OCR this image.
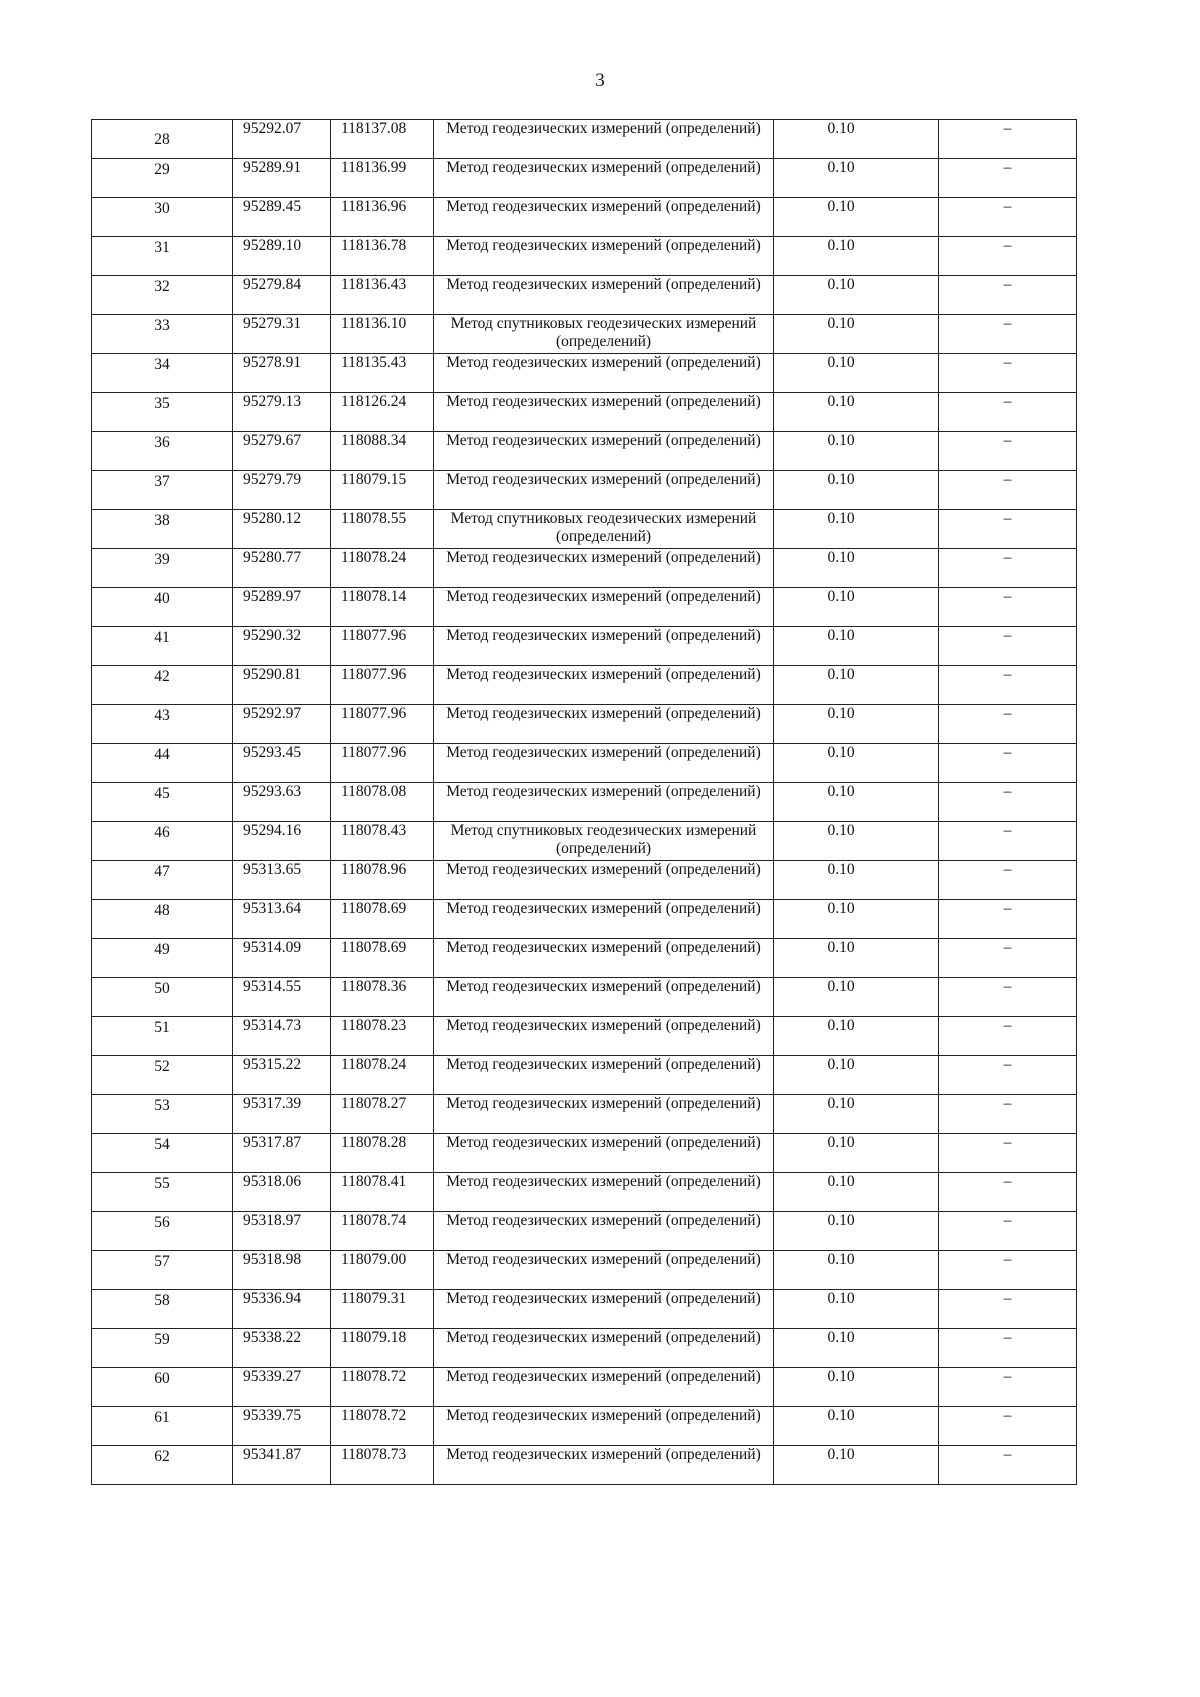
3
28	95292.07	118137.08	Метод геодезических измерений (определений)	0.10	–
29	95289.91	118136.99	Метод геодезических измерений (определений)	0.10	–
30	95289.45	118136.96	Метод геодезических измерений (определений)	0.10	–
31	95289.10	118136.78	Метод геодезических измерений (определений)	0.10	–
32	95279.84	118136.43	Метод геодезических измерений (определений)	0.10	–
33	95279.31	118136.10	Метод спутниковых геодезических измерений (определений)	0.10	–
34	95278.91	118135.43	Метод геодезических измерений (определений)	0.10	–
35	95279.13	118126.24	Метод геодезических измерений (определений)	0.10	–
36	95279.67	118088.34	Метод геодезических измерений (определений)	0.10	–
37	95279.79	118079.15	Метод геодезических измерений (определений)	0.10	–
38	95280.12	118078.55	Метод спутниковых геодезических измерений (определений)	0.10	–
39	95280.77	118078.24	Метод геодезических измерений (определений)	0.10	–
40	95289.97	118078.14	Метод геодезических измерений (определений)	0.10	–
41	95290.32	118077.96	Метод геодезических измерений (определений)	0.10	–
42	95290.81	118077.96	Метод геодезических измерений (определений)	0.10	–
43	95292.97	118077.96	Метод геодезических измерений (определений)	0.10	–
44	95293.45	118077.96	Метод геодезических измерений (определений)	0.10	–
45	95293.63	118078.08	Метод геодезических измерений (определений)	0.10	–
46	95294.16	118078.43	Метод спутниковых геодезических измерений (определений)	0.10	–
47	95313.65	118078.96	Метод геодезических измерений (определений)	0.10	–
48	95313.64	118078.69	Метод геодезических измерений (определений)	0.10	–
49	95314.09	118078.69	Метод геодезических измерений (определений)	0.10	–
50	95314.55	118078.36	Метод геодезических измерений (определений)	0.10	–
51	95314.73	118078.23	Метод геодезических измерений (определений)	0.10	–
52	95315.22	118078.24	Метод геодезических измерений (определений)	0.10	–
53	95317.39	118078.27	Метод геодезических измерений (определений)	0.10	–
54	95317.87	118078.28	Метод геодезических измерений (определений)	0.10	–
55	95318.06	118078.41	Метод геодезических измерений (определений)	0.10	–
56	95318.97	118078.74	Метод геодезических измерений (определений)	0.10	–
57	95318.98	118079.00	Метод геодезических измерений (определений)	0.10	–
58	95336.94	118079.31	Метод геодезических измерений (определений)	0.10	–
59	95338.22	118079.18	Метод геодезических измерений (определений)	0.10	–
60	95339.27	118078.72	Метод геодезических измерений (определений)	0.10	–
61	95339.75	118078.72	Метод геодезических измерений (определений)	0.10	–
62	95341.87	118078.73	Метод геодезических измерений (определений)	0.10	–
